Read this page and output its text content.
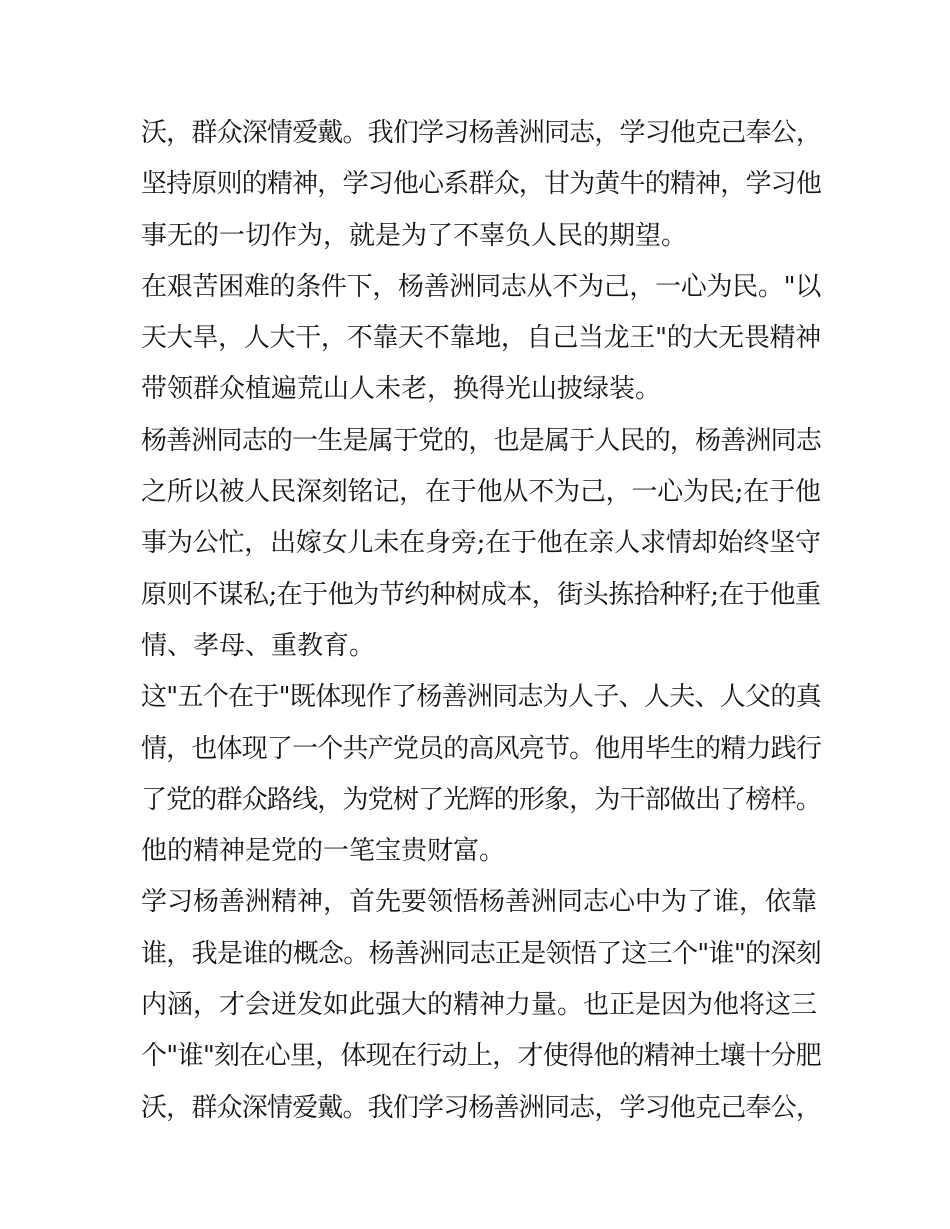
沃，群众深情爱戴。我们学习杨善洲同志，学习他克己奉公，
坚持原则的精神，学习他心系群众，甘为黄牛的精神，学习他
事无的一切作为，就是为了不辜负人民的期望。

在艰苦困难的条件下，杨善洲同志从不为己，一心为民。"以
天大旱，人大干，不靠天不靠地，自己当龙王"的大无畏精神
带领群众植遍荒山人未老，换得光山披绿装。

杨善洲同志的一生是属于党的，也是属于人民的，杨善洲同志
之所以被人民深刻铭记，在于他从不为己，一心为民;在于他
事为公忙，出嫁女儿未在身旁;在于他在亲人求情却始终坚守
原则不谋私;在于他为节约种树成本，街头拣拾种籽;在于他重
情、孝母、重教育。

这"五个在于"既体现作了杨善洲同志为人子、人夫、人父的真
情，也体现了一个共产党员的高风亮节。他用毕生的精力践行
了党的群众路线，为党树了光辉的形象，为干部做出了榜样。
他的精神是党的一笔宝贵财富。

学习杨善洲精神，首先要领悟杨善洲同志心中为了谁，依靠
谁，我是谁的概念。杨善洲同志正是领悟了这三个"谁"的深刻
内涵，才会迸发如此强大的精神力量。也正是因为他将这三
个"谁"刻在心里，体现在行动上，才使得他的精神土壤十分肥
沃，群众深情爱戴。我们学习杨善洲同志，学习他克己奉公，
